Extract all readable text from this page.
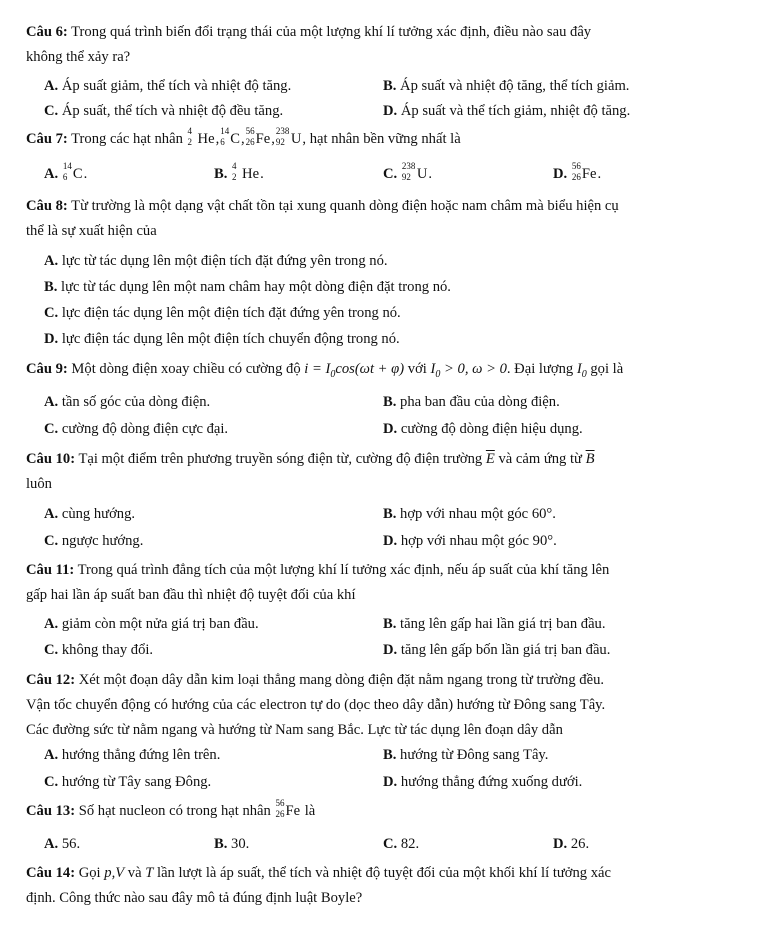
Câu 6: Trong quá trình biến đổi trạng thái của một lượng khí lí tưởng xác định, điều nào sau đây
không thể xảy ra?
A. Áp suất giảm, thể tích và nhiệt độ tăng.	B. Áp suất và nhiệt độ tăng, thể tích giảm.
C. Áp suất, thể tích và nhiệt độ đều tăng.	D. Áp suất và thể tích giảm, nhiệt độ tăng.
Câu 7: Trong các hạt nhân 4
2 He, 14
6 C, 56
26 Fe, 238
92 U, hạt nhân bền vững nhất là
A. 14
6 C.	B. 4
2 He.	C. 238
92 U.	D. 56
26 Fe.
Câu 8: Từ trường là một dạng vật chất tồn tại xung quanh dòng điện hoặc nam châm mà biểu hiện cụ
thể là sự xuất hiện của
A. lực từ tác dụng lên một điện tích đặt đứng yên trong nó.
B. lực từ tác dụng lên một nam châm hay một dòng điện đặt trong nó.
C. lực điện tác dụng lên một điện tích đặt đứng yên trong nó.
D. lực điện tác dụng lên một điện tích chuyển động trong nó.
Câu 9: Một dòng điện xoay chiều có cường độ $i = I_0\cos(\omega t + \varphi)$ với $I_0 > 0$, ω > 0. Đại lượng $I_0$ gọi là
A. tần số góc của dòng điện.	B. pha ban đầu của dòng điện.
C. cường độ dòng điện cực đại.	D. cường độ dòng điện hiệu dụng.
Câu 10: Tại một điểm trên phương truyền sóng điện từ, cường độ điện trường $\overline{E}$ và cảm ứng từ $\overline{B}$
luôn
A. cùng hướng.	B. hợp với nhau một góc 60°.
C. ngược hướng.	D. hợp với nhau một góc 90°.
Câu 11: Trong quá trình đẳng tích của một lượng khí lí tưởng xác định, nếu áp suất của khí tăng lên
gấp hai lần áp suất ban đầu thì nhiệt độ tuyệt đối của khí
A. giảm còn một nửa giá trị ban đầu.	B. tăng lên gấp hai lần giá trị ban đầu.
C. không thay đổi.	D. tăng lên gấp bốn lần giá trị ban đầu.
Câu 12: Xét một đoạn dây dẫn kim loại thẳng mang dòng điện đặt nằm ngang trong từ trường đều.
Vận tốc chuyển động có hướng của các electron tự do (dọc theo dây dẫn) hướng từ Đông sang Tây.
Các đường sức từ nằm ngang và hướng từ Nam sang Bắc. Lực từ tác dụng lên đoạn dây dẫn
A. hướng thẳng đứng lên trên.	B. hướng từ Đông sang Tây.
C. hướng từ Tây sang Đông.	D. hướng thẳng đứng xuống dưới.
Câu 13: Số hạt nucleon có trong hạt nhân 56
26 Fe là
A. 56.	B. 30.	C. 82.	D. 26.
Câu 14: Gọi p,V và T lần lượt là áp suất, thể tích và nhiệt độ tuyệt đối của một khối khí lí tưởng xác
định. Công thức nào sau đây mô tả đúng định luật Boyle?
